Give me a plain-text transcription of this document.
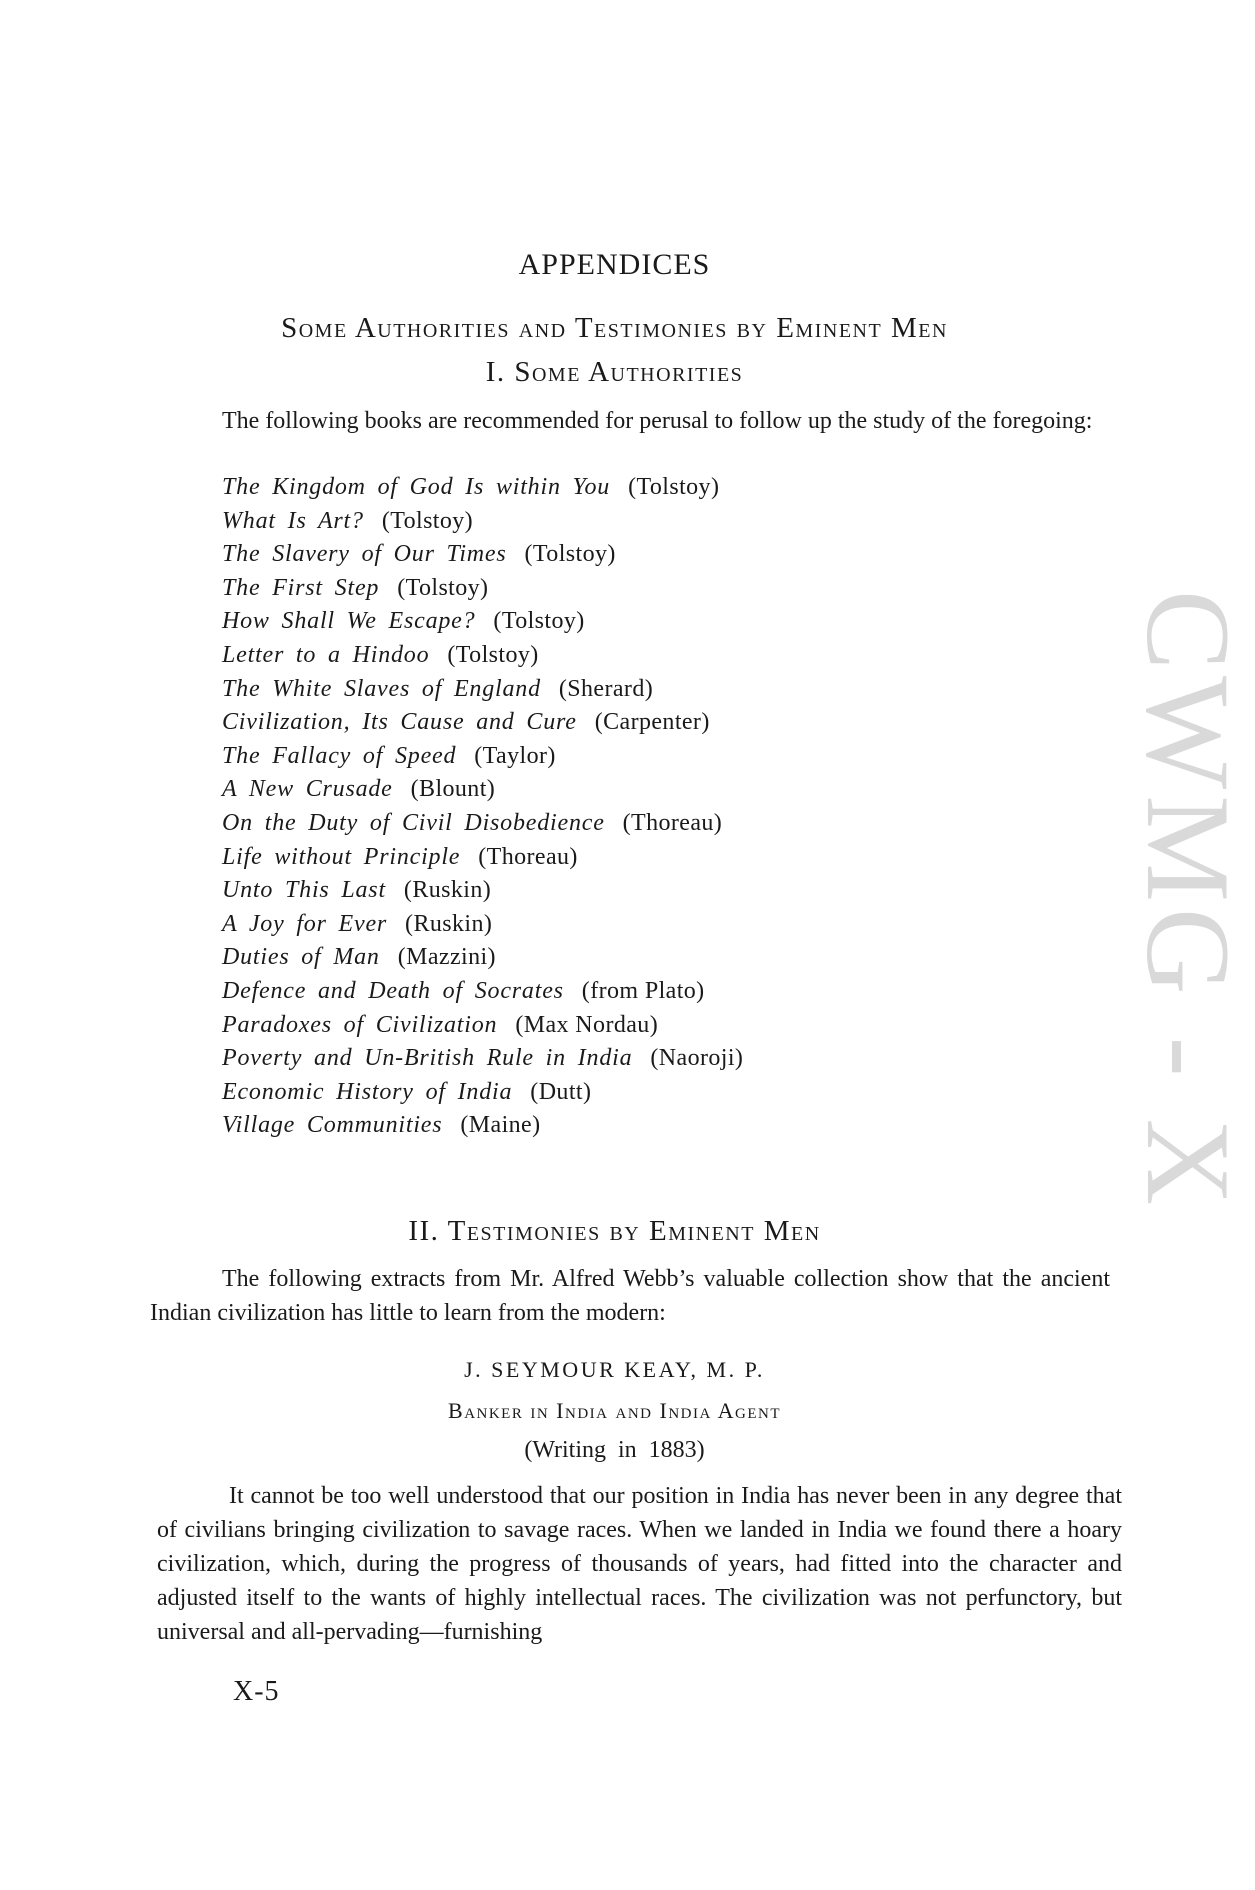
CWMG - X
APPENDICES
Some Authorities and Testimonies by Eminent Men
I. Some Authorities

The following books are recommended for perusal to follow up the study of the foregoing:

The Kingdom of God Is within You (Tolstoy)
What Is Art? (Tolstoy)
The Slavery of Our Times (Tolstoy)
The First Step (Tolstoy)
How Shall We Escape? (Tolstoy)
Letter to a Hindoo (Tolstoy)
The White Slaves of England (Sherard)
Civilization, Its Cause and Cure (Carpenter)
The Fallacy of Speed (Taylor)
A New Crusade (Blount)
On the Duty of Civil Disobedience (Thoreau)
Life without Principle (Thoreau)
Unto This Last (Ruskin)
A Joy for Ever (Ruskin)
Duties of Man (Mazzini)
Defence and Death of Socrates (from Plato)
Paradoxes of Civilization (Max Nordau)
Poverty and Un-British Rule in India (Naoroji)
Economic History of India (Dutt)
Village Communities (Maine)
II. Testimonies by Eminent Men

The following extracts from Mr. Alfred Webb’s valuable collection show that the ancient Indian civilization has little to learn from the modern:

J. SEYMOUR KEAY, M. P.
Banker in India and India Agent
(Writing in 1883)

It cannot be too well understood that our position in India has never been in any degree that of civilians bringing civilization to savage races. When we landed in India we found there a hoary civilization, which, during the progress of thousands of years, had fitted into the character and adjusted itself to the wants of highly intellectual races. The civilization was not perfunctory, but universal and all-pervading—furnishing

X-5
